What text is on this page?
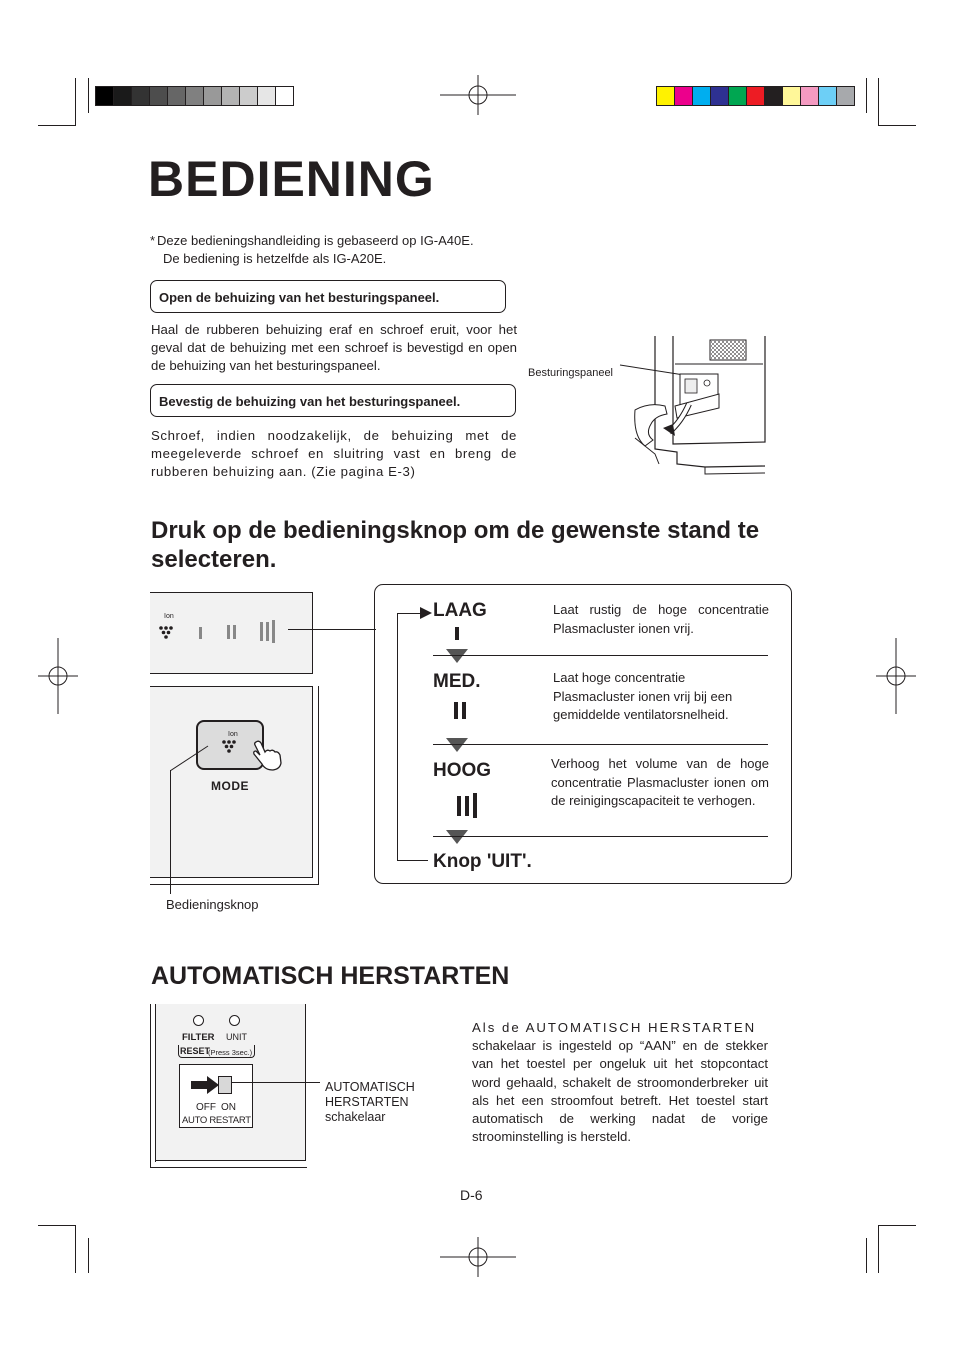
BEDIENING
* Deze bedieningshandleiding is gebaseerd op IG-A40E.
De bediening is hetzelfde als IG-A20E.
Open de behuizing van het besturingspaneel.
Haal de rubberen behuizing eraf en schroef eruit, voor het geval dat de behuizing met een schroef is bevestigd en open de behuizing van het besturingspaneel.
Bevestig de behuizing van het besturingspaneel.
Schroef, indien noodzakelijk, de behuizing met de meegeleverde schroef en sluitring vast en breng de rubberen behuizing aan. (Zie pagina E-3)
Besturingspaneel
Druk op de bedieningsknop om de gewenste stand te selecteren.
Ion
Ion
MODE
Bedieningsknop
LAAG	Laat rustig de hoge concentratie Plasmacluster ionen vrij.
MED.	Laat hoge concentratie Plasmacluster ionen vrij bij een gemiddelde ventilatorsnelheid.
HOOG	Verhoog het volume van de hoge concentratie Plasmacluster ionen om de reinigingscapaciteit te verhogen.
Knop 'UIT'.
AUTOMATISCH HERSTARTEN
FILTER UNIT
RESET
(Press 3sec.)
OFF ON
AUTO RESTART
AUTOMATISCH
HERSTARTEN
schakelaar
Als de AUTOMATISCH HERSTARTEN
schakelaar is ingesteld op “AAN” en de stekker van het toestel per ongeluk uit het stopcontact word gehaald, schakelt de stroomonderbreker uit als het een stroomfout betreft. Het toestel start automatisch de werking nadat de vorige stroominstelling is hersteld.
D-6
